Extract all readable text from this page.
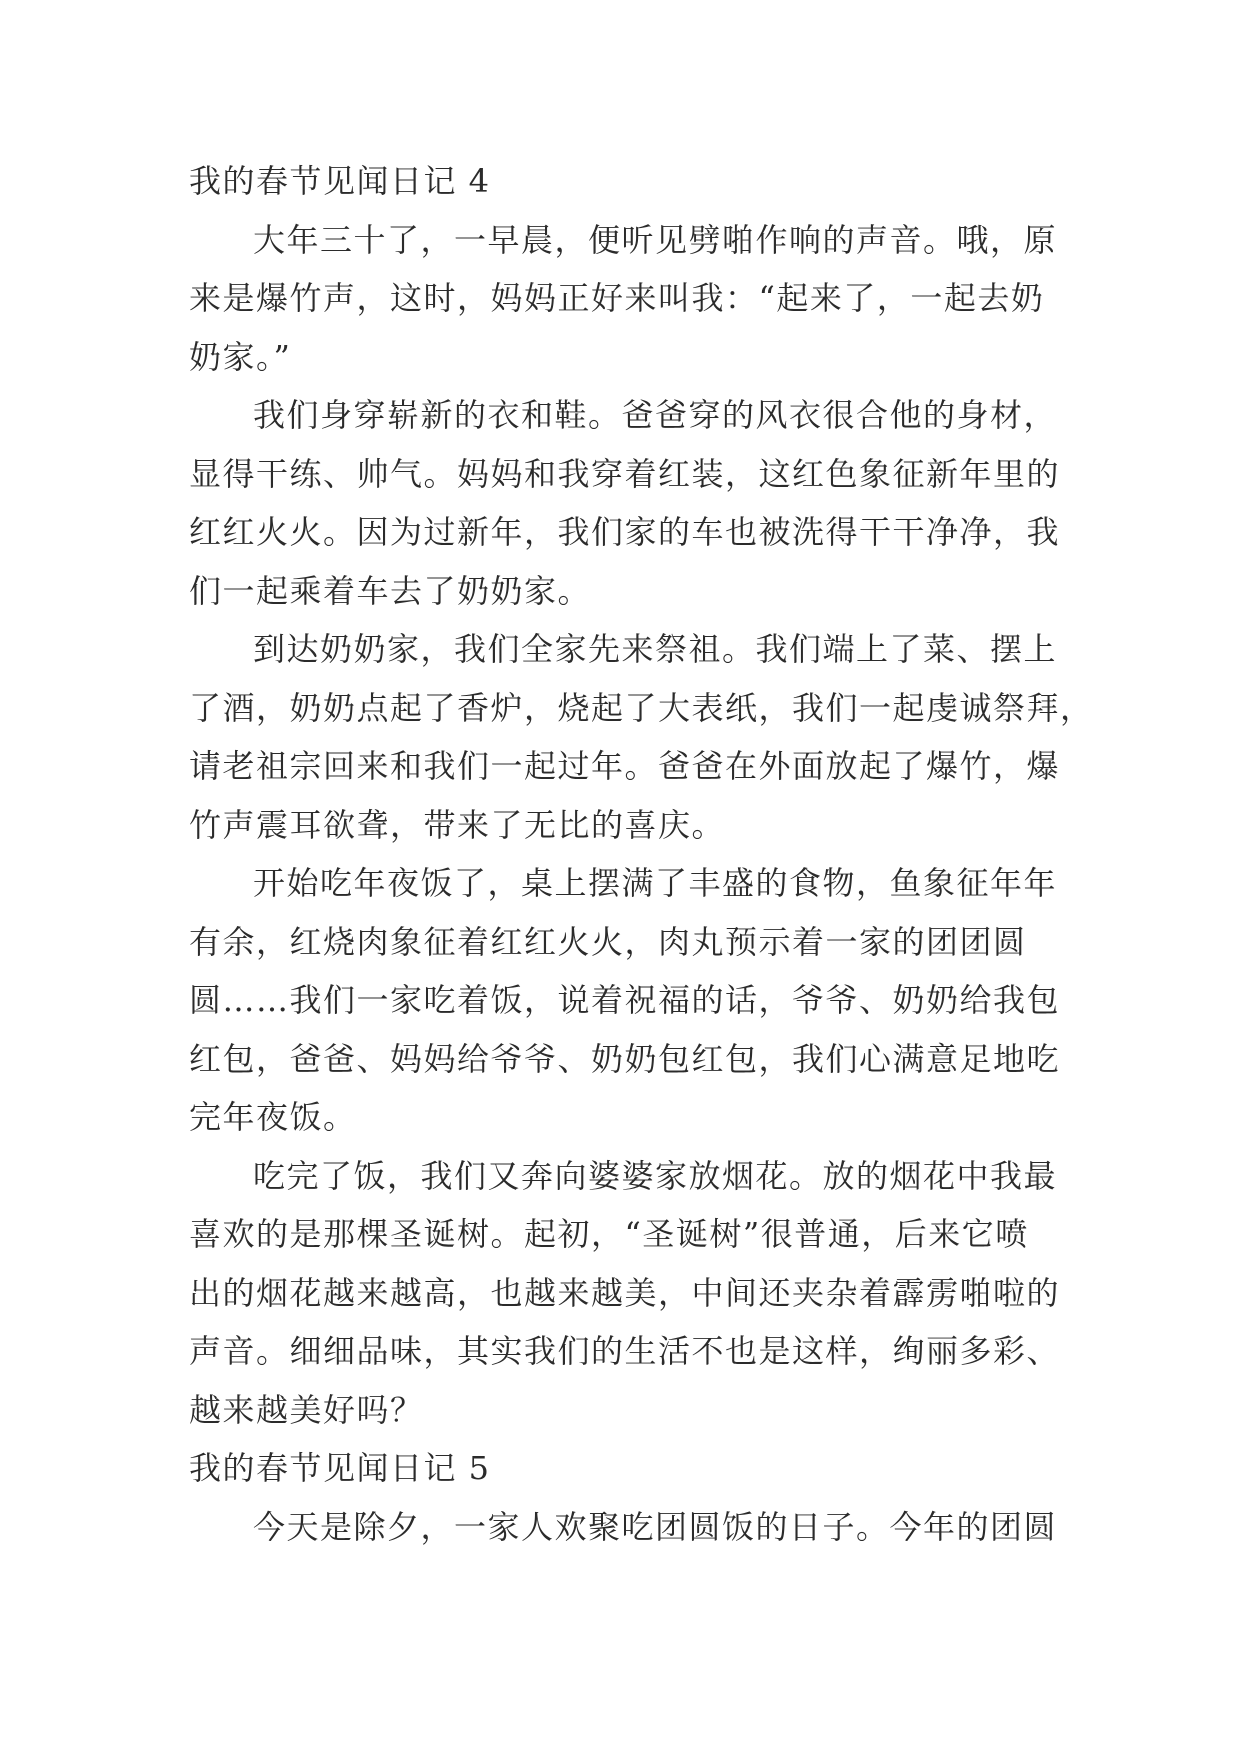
我的春节见闻日记 4

大年三十了，一早晨，便听见劈啪作响的声音。哦，原
来是爆竹声，这时，妈妈正好来叫我：“起来了，一起去奶
奶家。”

我们身穿崭新的衣和鞋。爸爸穿的风衣很合他的身材，
显得干练、帅气。妈妈和我穿着红装，这红色象征新年里的
红红火火。因为过新年，我们家的车也被洗得干干净净，我
们一起乘着车去了奶奶家。

到达奶奶家，我们全家先来祭祖。我们端上了菜、摆上
了酒，奶奶点起了香炉，烧起了大表纸，我们一起虔诚祭拜，
请老祖宗回来和我们一起过年。爸爸在外面放起了爆竹，爆
竹声震耳欲聋，带来了无比的喜庆。

开始吃年夜饭了，桌上摆满了丰盛的食物，鱼象征年年
有余，红烧肉象征着红红火火，肉丸预示着一家的团团圆
圆……我们一家吃着饭，说着祝福的话，爷爷、奶奶给我包
红包，爸爸、妈妈给爷爷、奶奶包红包，我们心满意足地吃
完年夜饭。

吃完了饭，我们又奔向婆婆家放烟花。放的烟花中我最
喜欢的是那棵圣诞树。起初，“圣诞树”很普通，后来它喷
出的烟花越来越高，也越来越美，中间还夹杂着霹雳啪啦的
声音。细细品味，其实我们的生活不也是这样，绚丽多彩、
越来越美好吗？

我的春节见闻日记 5

今天是除夕，一家人欢聚吃团圆饭的日子。今年的团圆
